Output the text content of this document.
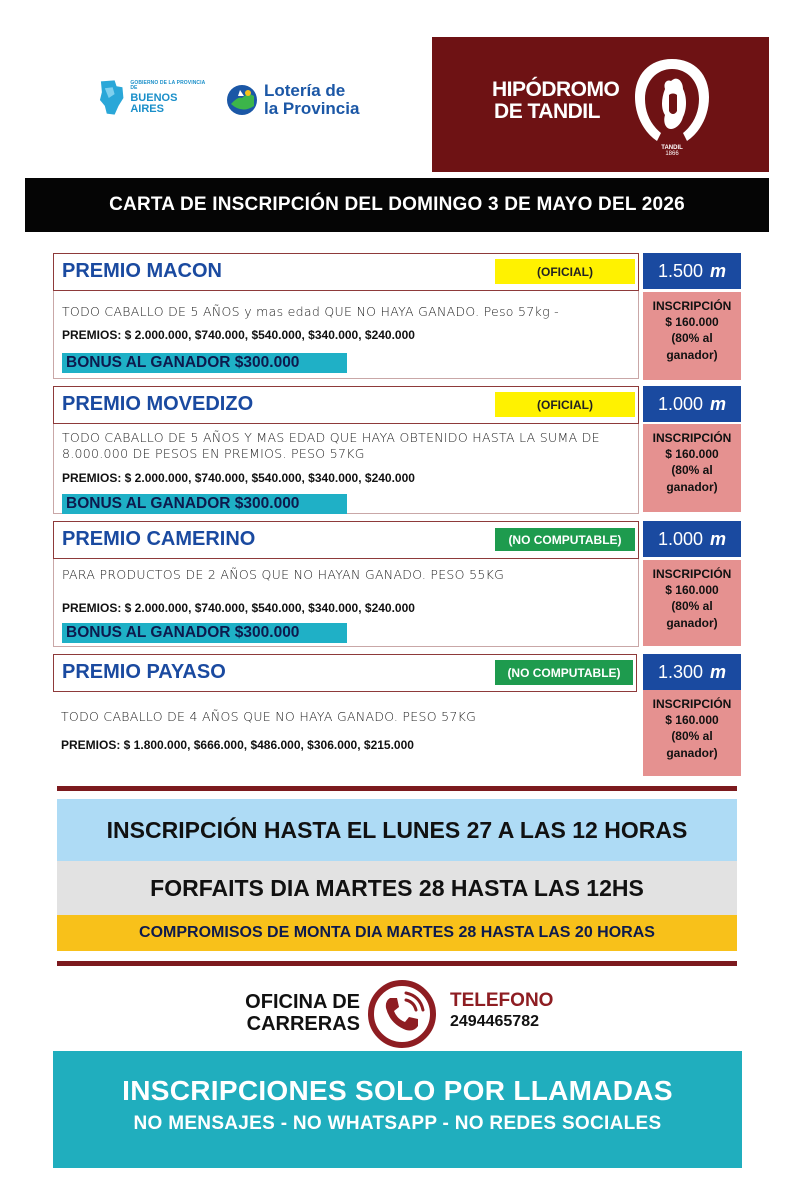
GOBIERNO DE LA PROVINCIA DE
BUENOS AIRES
Lotería de
la Provincia
HIPÓDROMO
DE TANDIL
TANDIL
1866
CARTA DE INSCRIPCIÓN DEL DOMINGO 3 DE MAYO DEL 2026
PREMIO MACON	(OFICIAL)
TODO CABALLO DE 5 AÑOS y mas edad QUE NO HAYA GANADO. Peso 57kg -
PREMIOS: $ 2.000.000, $740.000, $540.000, $340.000, $240.000
BONUS AL GANADOR $300.000
1.500 m
INSCRIPCIÓN
$ 160.000
(80% al
ganador)
PREMIO MOVEDIZO	(OFICIAL)
TODO CABALLO DE 5 AÑOS Y MAS EDAD QUE HAYA OBTENIDO HASTA LA SUMA DE 8.000.000 DE PESOS EN PREMIOS. PESO 57KG
PREMIOS: $ 2.000.000, $740.000, $540.000, $340.000, $240.000
BONUS AL GANADOR $300.000
1.000 m
INSCRIPCIÓN
$ 160.000
(80% al
ganador)
PREMIO CAMERINO	(NO COMPUTABLE)
PARA PRODUCTOS DE 2 AÑOS QUE NO HAYAN GANADO. PESO 55KG
PREMIOS: $ 2.000.000, $740.000, $540.000, $340.000, $240.000
BONUS AL GANADOR $300.000
1.000 m
INSCRIPCIÓN
$ 160.000
(80% al
ganador)
PREMIO PAYASO	(NO COMPUTABLE)
TODO CABALLO DE 4 AÑOS QUE NO HAYA GANADO. PESO 57KG
PREMIOS: $ 1.800.000, $666.000, $486.000, $306.000, $215.000
1.300 m
INSCRIPCIÓN
$ 160.000
(80% al
ganador)
INSCRIPCIÓN HASTA EL LUNES 27 A LAS 12 HORAS
FORFAITS DIA MARTES 28 HASTA LAS 12HS
COMPROMISOS DE MONTA DIA MARTES 28 HASTA LAS 20 HORAS
OFICINA DE
CARRERAS
TELEFONO
2494465782
INSCRIPCIONES SOLO POR LLAMADAS
NO MENSAJES - NO WHATSAPP - NO REDES SOCIALES
